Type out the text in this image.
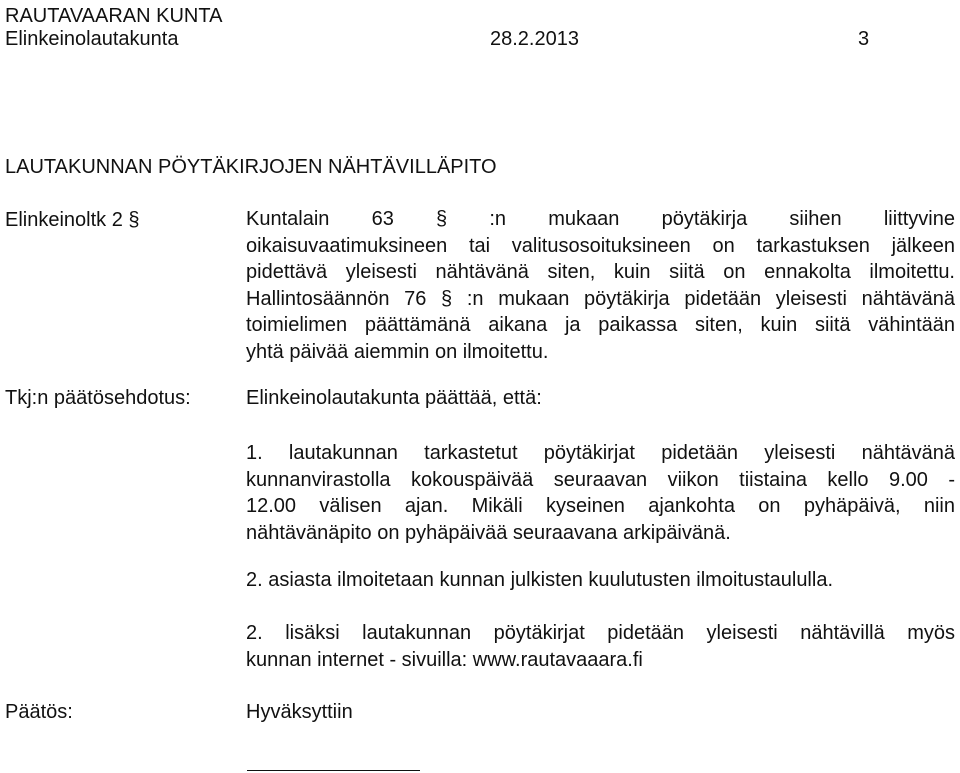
RAUTAVAARAN KUNTA
Elinkeinolautakunta	28.2.2013	3
LAUTAKUNNAN PÖYTÄKIRJOJEN NÄHTÄVILLÄPITO
Elinkeinoltk 2 §	Kuntalain 63 § :n mukaan pöytäkirja siihen liittyvine
oikaisuvaatimuksineen tai valitusosoituksineen on tarkastuksen jälkeen
pidettävä yleisesti nähtävänä siten, kuin siitä on ennakolta ilmoitettu.
Hallintosäännön 76 § :n mukaan pöytäkirja pidetään yleisesti nähtävänä
toimielimen päättämänä aikana ja paikassa siten, kuin siitä vähintään
yhtä päivää aiemmin on ilmoitettu.
Tkj:n päätösehdotus:	Elinkeinolautakunta päättää, että:
1. lautakunnan tarkastetut pöytäkirjat pidetään yleisesti nähtävänä
kunnanvirastolla kokouspäivää seuraavan viikon tiistaina kello 9.00 -
12.00 välisen ajan. Mikäli kyseinen ajankohta on pyhäpäivä, niin
nähtävänäpito on pyhäpäivää seuraavana arkipäivänä.
2. asiasta ilmoitetaan kunnan julkisten kuulutusten ilmoitustaululla.
2. lisäksi lautakunnan pöytäkirjat pidetään yleisesti nähtävillä myös
kunnan internet - sivuilla: www.rautavaaara.fi
Päätös:	Hyväksyttiin
